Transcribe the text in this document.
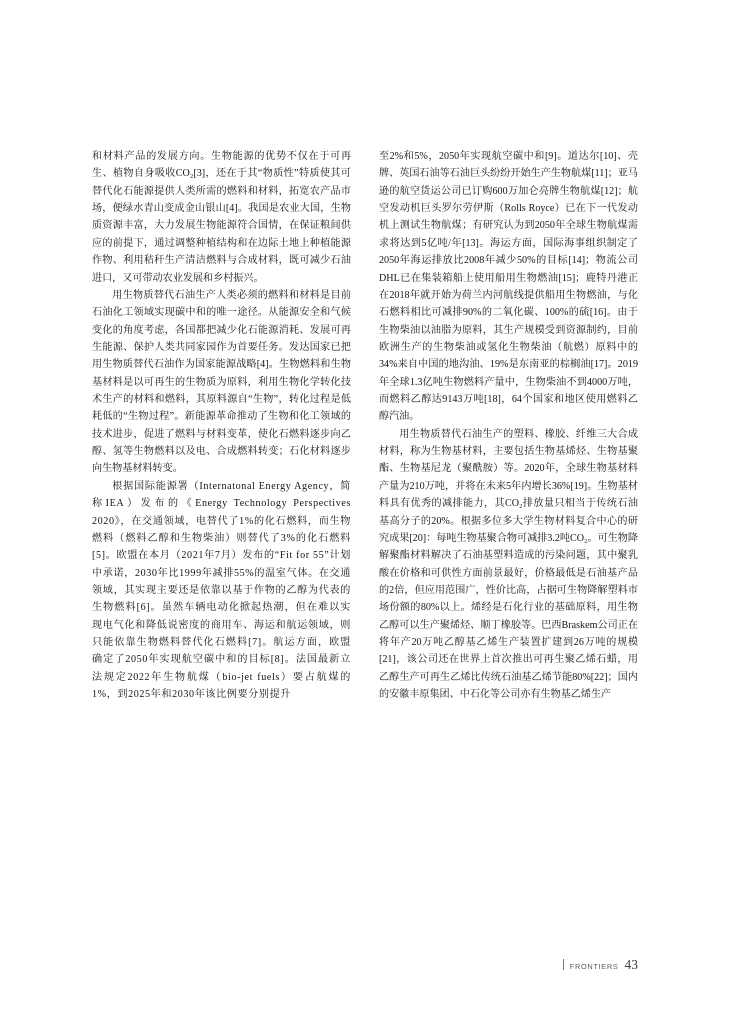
和材料产品的发展方向。生物能源的优势不仅在于可再生、植物自身吸收CO₂[3]，还在于其“物质性”特质使其可替代化石能源提供人类所需的燃料和材料，拓宽农产品市场，便绿水青山变成金山银山[4]。我国是农业大国，生物质资源丰富，大力发展生物能源符合国情，在保证粮间供应的前提下，通过调整种植结构和在边际土地上种植能源作物、利用秸秆生产清洁燃料与合成材料，既可减少石油进口，又可带动农业发展和乡村振兴。

用生物质替代石油生产人类必须的燃料和材料是目前石油化工领域实现碳中和的唯一途径。从能源安全和气候变化的角度考虑，各国都把减少化石能源消耗、发展可再生能源、保护人类共同家园作为首要任务。发达国家已把用生物质替代石油作为国家能源战略[4]。生物燃料和生物基材料是以可再生的生物质为原料，利用生物化学转化技术生产的材料和燃料，其原料源自“生物”，转化过程是低耗低的“生物过程”。新能源革命推动了生物和化工领域的技术进步，促进了燃料与材料变革，使化石燃料逐步向乙醇、氢等生物燃料以及电、合成燃料转变；石化材料逐步向生物基材料转变。

根据国际能源署（Internatonal Energy Agency，简称IEA）发布的《Energy Technology Perspectives 2020》，在交通领域，电替代了1%的化石燃料，而生物燃料（燃料乙醇和生物柴油）则替代了3%的化石燃料[5]。欧盟在本月（2021年7月）发布的“Fit for 55”计划中承诺，2030年比1999年减排55%的温室气体。在交通领域，其实现主要还是依靠以基于作物的乙醇为代表的生物燃料[6]。虽然车辆电动化掀起热潮，但在难以实现电气化和降低说密度的商用车、海运和航运领域，则只能依靠生物燃料替代化石燃料[7]。航运方面，欧盟确定了2050年实现航空碳中和的目标[8]。法国最新立法规定2022年生物航煤（bio-jet fuels）要占航煤的1%，到2025年和2030年该比例要分别提升

至2%和5%，2050年实现航空碳中和[9]。道达尔[10]、壳牌、英国石油等石油巨头纷纷开始生产生物航煤[11]；亚马逊的航空货运公司已订购600万加仑亮牌生物航煤[12]；航空发动机巨头罗尔劳伊斯（Rolls Royce）已在下一代发动机上测试生物航煤；有研究认为到2050年全球生物航煤需求将达到5亿吨/年[13]。海运方面，国际海事组织制定了2050年海运排放比2008年减少50%的目标[14]；物流公司DHL已在集装箱船上使用船用生物燃油[15]；鹿特丹港正在2018年就开始为荷兰内河航线提供船用生物燃油，与化石燃料相比可减排90%的二氧化碳、100%的硫[16]。由于生物柴油以油脂为原料，其生产规模受到资源制约，目前欧洲生产的生物柴油或氢化生物柴油（航燃）原料中的34%来自中国的地沟油、19%是东南亚的棕榈油[17]。2019年全球1.3亿吨生物燃料产量中，生物柴油不到4000万吨，而燃料乙醇达9143万吨[18]，64个国家和地区使用燃料乙醇汽油。

用生物质替代石油生产的塑料、橡胶、纤维三大合成材料，称为生物基材料，主要包括生物基烯烃、生物基聚酯、生物基尼龙（聚酰胺）等。2020年，全球生物基材料产量为210万吨，并将在未来5年内增长36%[19]。生物基材料具有优秀的减排能力，其CO₂排放量只相当于传统石油基高分子的20%。根据多位多大学生物材料复合中心的研究成果[20]：每吨生物基聚合物可减排3.2吨CO₂。可生物降解聚酯材料解决了石油基塑料造成的污染问题，其中聚乳酸在价格和可供性方面前景最好，价格最低是石油基产品的2倍，但应用范围广，性价比高，占据可生物降解塑料市场份额的80%以上。烯经是石化行业的基础原料，用生物乙醇可以生产聚烯烃、顺丁橡胶等。巴西Braskem公司正在将年产20万吨乙醇基乙烯生产装置扩建到26万吨的规模[21]，该公司还在世界上首次推出可再生聚乙烯石蜡，用乙醇生产可再生乙烯比传统石油基乙烯节能80%[22]；国内的安徽丰原集团、中石化等公司亦有生物基乙烯生产

FRONTIERS 43
